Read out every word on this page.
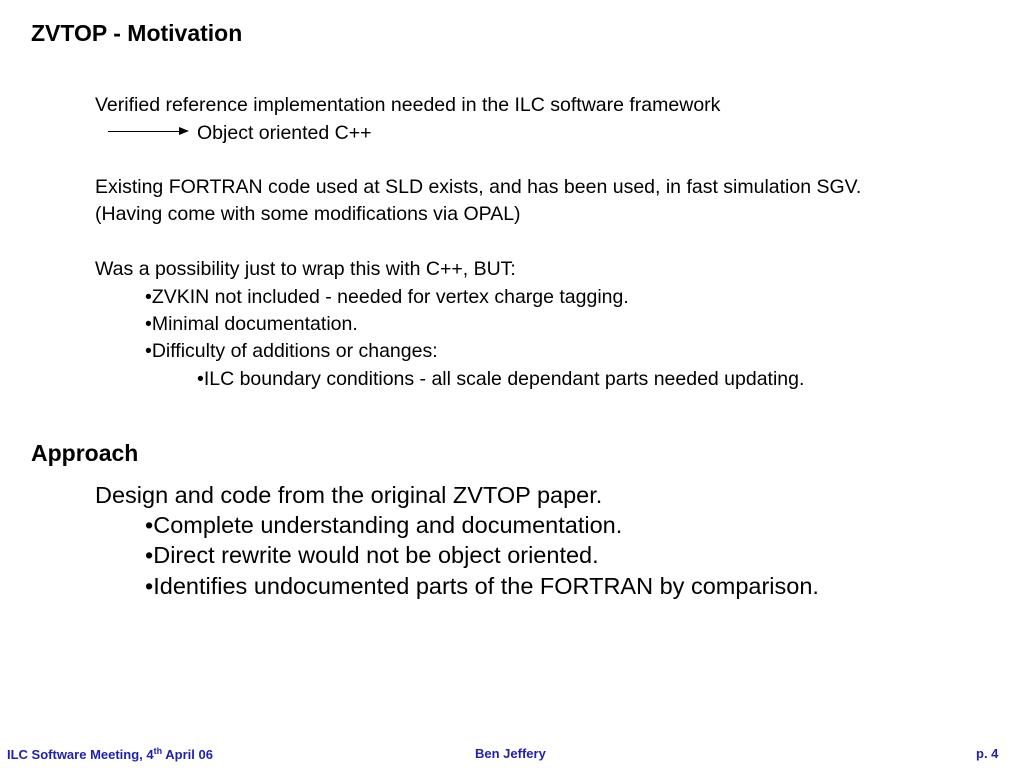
ZVTOP - Motivation
Verified reference implementation needed in the ILC software framework
Object oriented C++
Existing FORTRAN code used at SLD exists, and has been used, in fast simulation SGV.
(Having come with some modifications via OPAL)
Was a possibility just to wrap this with C++, BUT:
•ZVKIN not included - needed for vertex charge tagging.
•Minimal documentation.
•Difficulty of additions or changes:
•ILC boundary conditions - all scale dependant parts needed updating.
Approach
Design and code from the original ZVTOP paper.
•Complete understanding and documentation.
•Direct rewrite would not be object oriented.
•Identifies undocumented parts of the FORTRAN by comparison.
ILC Software Meeting, 4th April 06	Ben Jeffery	p. 4
